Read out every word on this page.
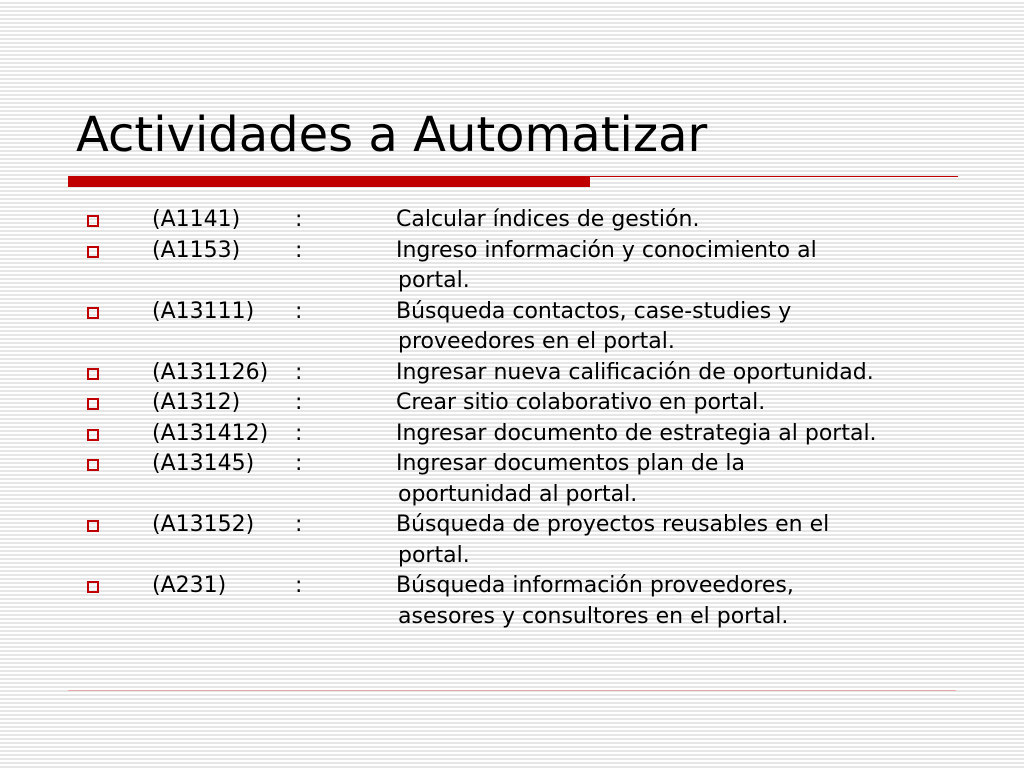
Actividades a Automatizar
(A1141) :	Calcular índices de gestión.
(A1153) :	Ingreso información y conocimiento al
portal.
(A13111) :	Búsqueda contactos, case-studies y
proveedores en el portal.
(A131126) :	Ingresar nueva calificación de oportunidad.
(A1312) :	Crear sitio colaborativo en portal.
(A131412) :	Ingresar documento de estrategia al portal.
(A13145) :	Ingresar documentos plan de la
oportunidad al portal.
(A13152) :	Búsqueda de proyectos reusables en el
portal.
(A231)	:	Búsqueda información proveedores,
asesores y consultores en el portal.
